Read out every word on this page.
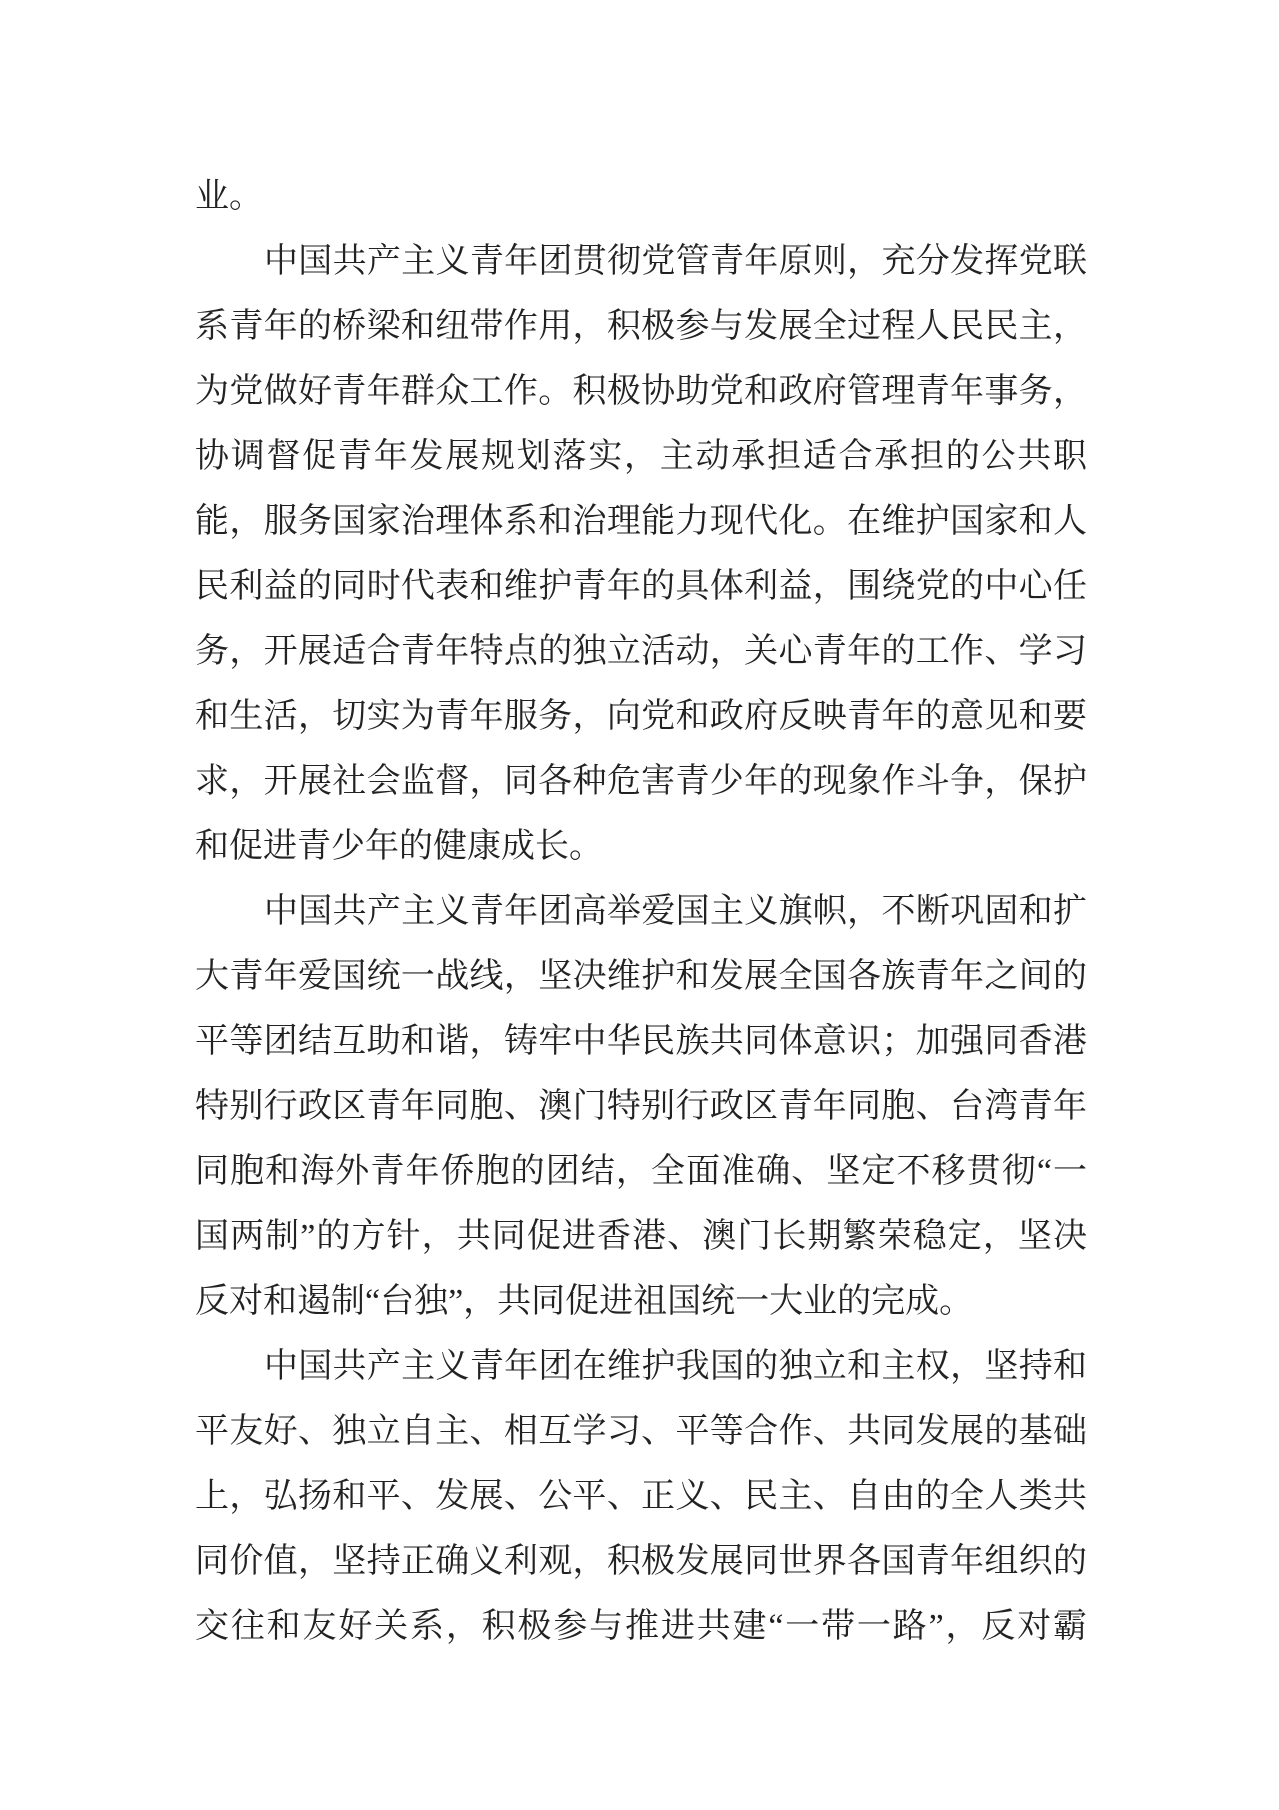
业。
中国共产主义青年团贯彻党管青年原则，充分发挥党联
系青年的桥梁和纽带作用，积极参与发展全过程人民民主，
为党做好青年群众工作。积极协助党和政府管理青年事务，
协调督促青年发展规划落实，主动承担适合承担的公共职
能，服务国家治理体系和治理能力现代化。在维护国家和人
民利益的同时代表和维护青年的具体利益，围绕党的中心任
务，开展适合青年特点的独立活动，关心青年的工作、学习
和生活，切实为青年服务，向党和政府反映青年的意见和要
求，开展社会监督，同各种危害青少年的现象作斗争，保护
和促进青少年的健康成长。
中国共产主义青年团高举爱国主义旗帜，不断巩固和扩
大青年爱国统一战线，坚决维护和发展全国各族青年之间的
平等团结互助和谐，铸牢中华民族共同体意识；加强同香港
特别行政区青年同胞、澳门特别行政区青年同胞、台湾青年
同胞和海外青年侨胞的团结，全面准确、坚定不移贯彻“一
国两制”的方针，共同促进香港、澳门长期繁荣稳定，坚决
反对和遏制“台独”，共同促进祖国统一大业的完成。
中国共产主义青年团在维护我国的独立和主权，坚持和
平友好、独立自主、相互学习、平等合作、共同发展的基础
上，弘扬和平、发展、公平、正义、民主、自由的全人类共
同价值，坚持正确义利观，积极发展同世界各国青年组织的
交往和友好关系，积极参与推进共建“一带一路”，反对霸
